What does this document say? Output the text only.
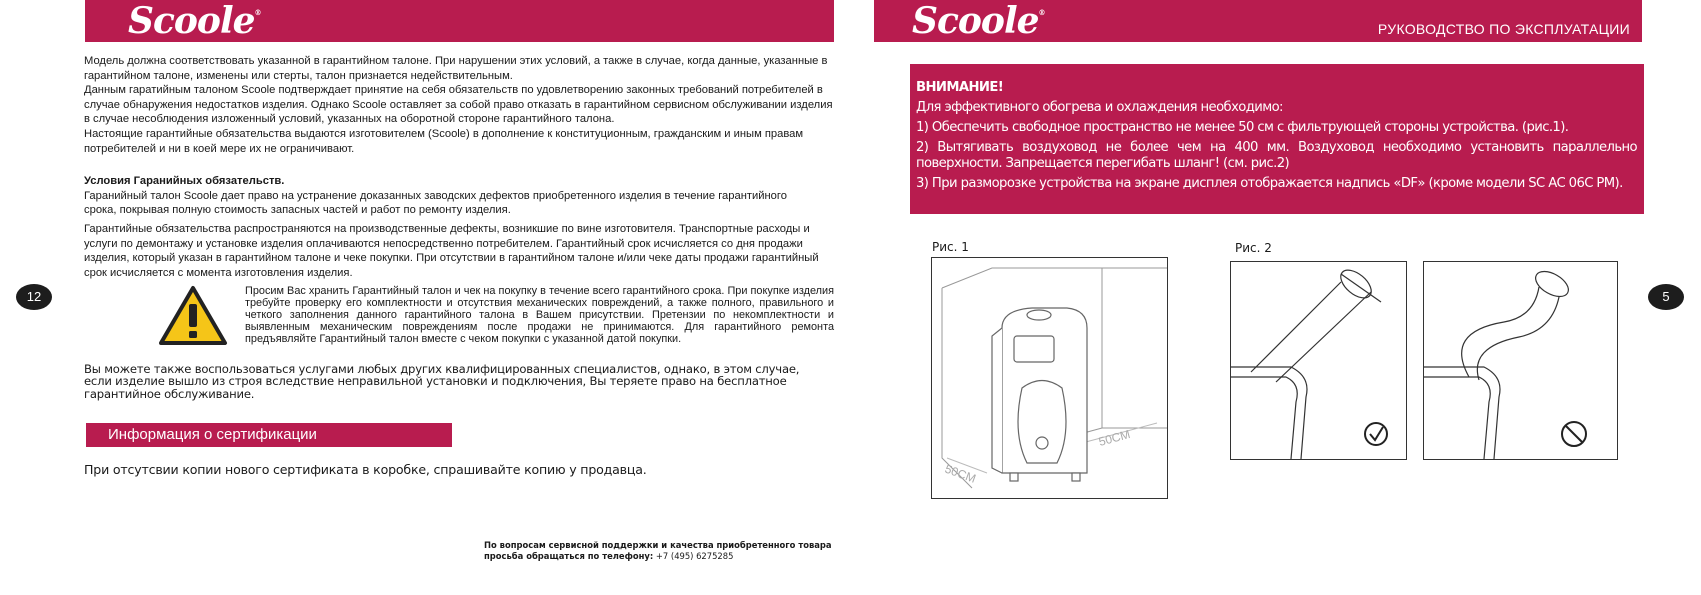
Scoole®

Модель должна соответствовать указанной в гарантийном талоне. При нарушении этих условий, а также в случае, когда данные, указанные в гарантийном талоне, изменены или стерты, талон признается недействительным.

Данным гаратийным талоном Scoole подтверждает принятие на себя обязательств по удовлетворению законных требований потребителей в случае обнаружения недостатков изделия. Однако Scoole оставляет за собой право отказать в гарантийном сервисном обслуживании изделия в случае несоблюдения изложенный условий, указанных на оборотной стороне гарантийного талона.

Настоящие гарантийные обязательства выдаются изготовителем (Scoole) в дополнение к конституционным, гражданским и иным правам потребителей и ни в коей мере их не ограничивают.

Условия Гаранийных обязательств.

Гаранийный талон Scoole дает право на устранение доказанных заводских дефектов приобретенного изделия в течение гарантийного срока, покрывая полную стоимость запасных частей и работ по ремонту изделия.

Гарантийные обязательства распространяются на производственные дефекты, возникшие по вине изготовителя. Транспортные расходы и услуги по демонтажу и установке изделия оплачиваются непосредственно потребителем. Гарантийный срок исчисляется со дня продажи изделия, который указан в гарантийном талоне и чеке покупки. При отсутствии в гарантийном талоне и/или чеке даты продажи гарантийный срок исчисляется с момента изготовления изделия.

Просим Вас хранить Гарантийный талон и чек на покупку в течение всего гарантийного срока. При покупке изделия требуйте проверку его комплектности и отсутствия механических повреждений, а также полного, правильного и четкого заполнения данного гарантийного талона в Вашем присутствии. Претензии по некомплектности и выявленным механическим повреждениям после продажи не принимаются. Для гарантийного ремонта предъявляйте Гарантийный талон вместе с чеком покупки с указанной датой покупки.

Вы можете также воспользоваться услугами любых других квалифицированных специалистов, однако, в этом случае, если изделие вышло из строя вследствие неправильной установки и подключения, Вы теряете право на бесплатное гарантийное обслуживание.

Информация о сертификации
При отсутсвии копии нового сертификата в коробке, спрашивайте копию у продавца.
12
По вопросам сервисной поддержки и качества приобретенного товара
просьба обращаться по телефону: +7 (495) 6275285
РУКОВОДСТВО ПО ЭКСПЛУАТАЦИИ
Scoole®

ВНИМАНИЕ!

Для эффективного обогрева и охлаждения необходимо:

1) Обеспечить свободное пространство не менее 50 см с фильтрующей стороны устройства. (рис.1).

2) Вытягивать воздуховод не более чем на 400 мм. Воздуховод необходимо установить параллельно поверхности. Запрещается перегибать шланг! (см. рис.2)

3) При разморозке устройства на экране дисплея отображается надпись «DF» (кроме модели SC AC 06C PM).

Рис. 1
50CM
50CM
Рис. 2
5
